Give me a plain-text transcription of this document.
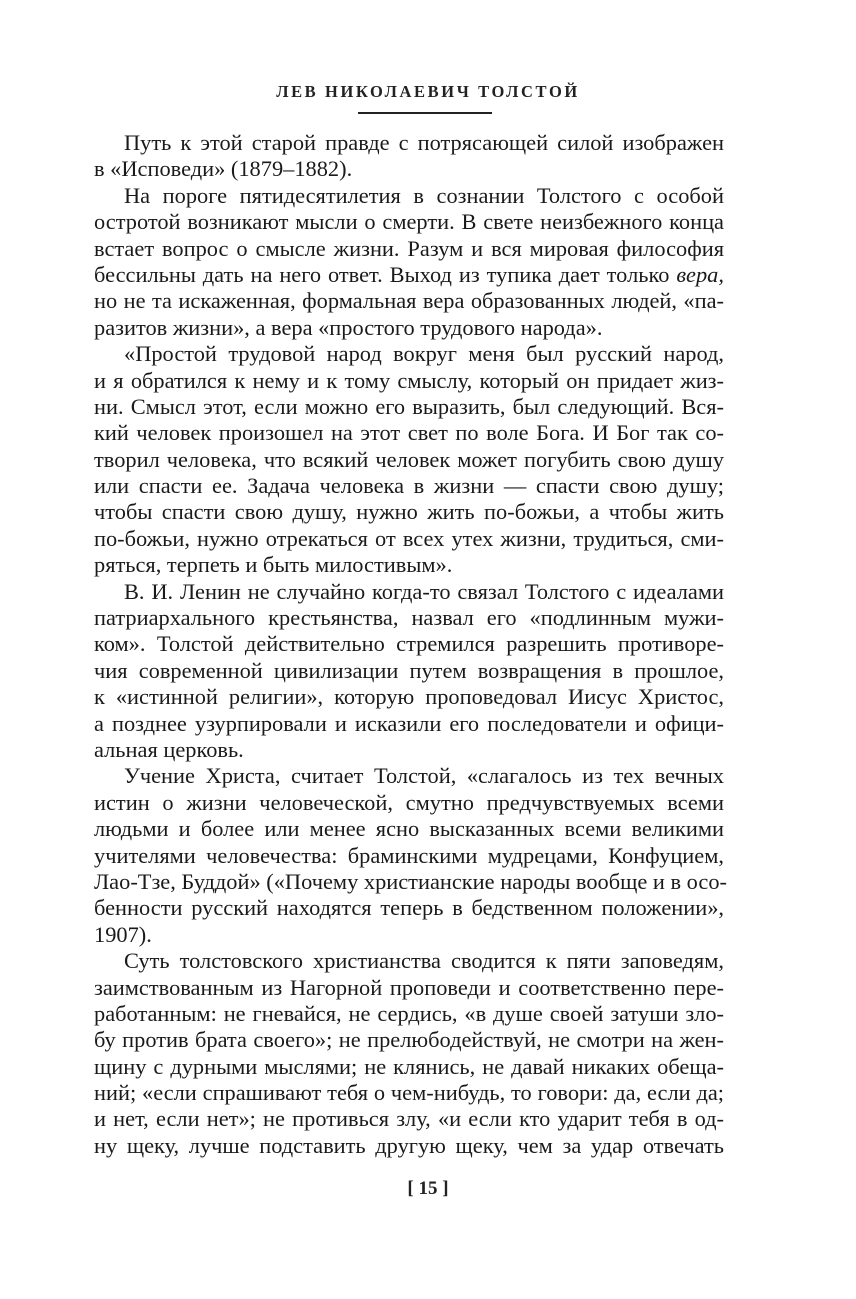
ЛЕВ НИКОЛАЕВИЧ ТОЛСТОЙ
Путь к этой старой правде с потрясающей силой изображен
в «Исповеди» (1879–1882).
На пороге пятидесятилетия в сознании Толстого с особой
остротой возникают мысли о смерти. В свете неизбежного конца
встает вопрос о смысле жизни. Разум и вся мировая философия
бессильны дать на него ответ. Выход из тупика дает только вера,
но не та искаженная, формальная вера образованных людей, «па-
разитов жизни», а вера «простого трудового народа».
«Простой трудовой народ вокруг меня был русский народ,
и я обратился к нему и к тому смыслу, который он придает жиз-
ни. Смысл этот, если можно его выразить, был следующий. Вся-
кий человек произошел на этот свет по воле Бога. И Бог так со-
творил человека, что всякий человек может погубить свою душу
или спасти ее. Задача человека в жизни — спасти свою душу;
чтобы спасти свою душу, нужно жить по-божьи, а чтобы жить
по-божьи, нужно отрекаться от всех утех жизни, трудиться, сми-
ряться, терпеть и быть милостивым».
В. И. Ленин не случайно когда-то связал Толстого с идеалами
патриархального крестьянства, назвал его «подлинным мужи-
ком». Толстой действительно стремился разрешить противоре-
чия современной цивилизации путем возвращения в прошлое,
к «истинной религии», которую проповедовал Иисус Христос,
а позднее узурпировали и исказили его последователи и офици-
альная церковь.
Учение Христа, считает Толстой, «слагалось из тех вечных
истин о жизни человеческой, смутно предчувствуемых всеми
людьми и более или менее ясно высказанных всеми великими
учителями человечества: браминскими мудрецами, Конфуцием,
Лао-Тзе, Буддой» («Почему христианские народы вообще и в осо-
бенности русский находятся теперь в бедственном положении»,
1907).
Суть толстовского христианства сводится к пяти заповедям,
заимствованным из Нагорной проповеди и соответственно пере-
работанным: не гневайся, не сердись, «в душе своей затуши зло-
бу против брата своего»; не прелюбодействуй, не смотри на жен-
щину с дурными мыслями; не клянись, не давай никаких обеща-
ний; «если спрашивают тебя о чем-нибудь, то говори: да, если да;
и нет, если нет»; не противься злу, «и если кто ударит тебя в од-
ну щеку, лучше подставить другую щеку, чем за удар отвечать
[ 15 ]
